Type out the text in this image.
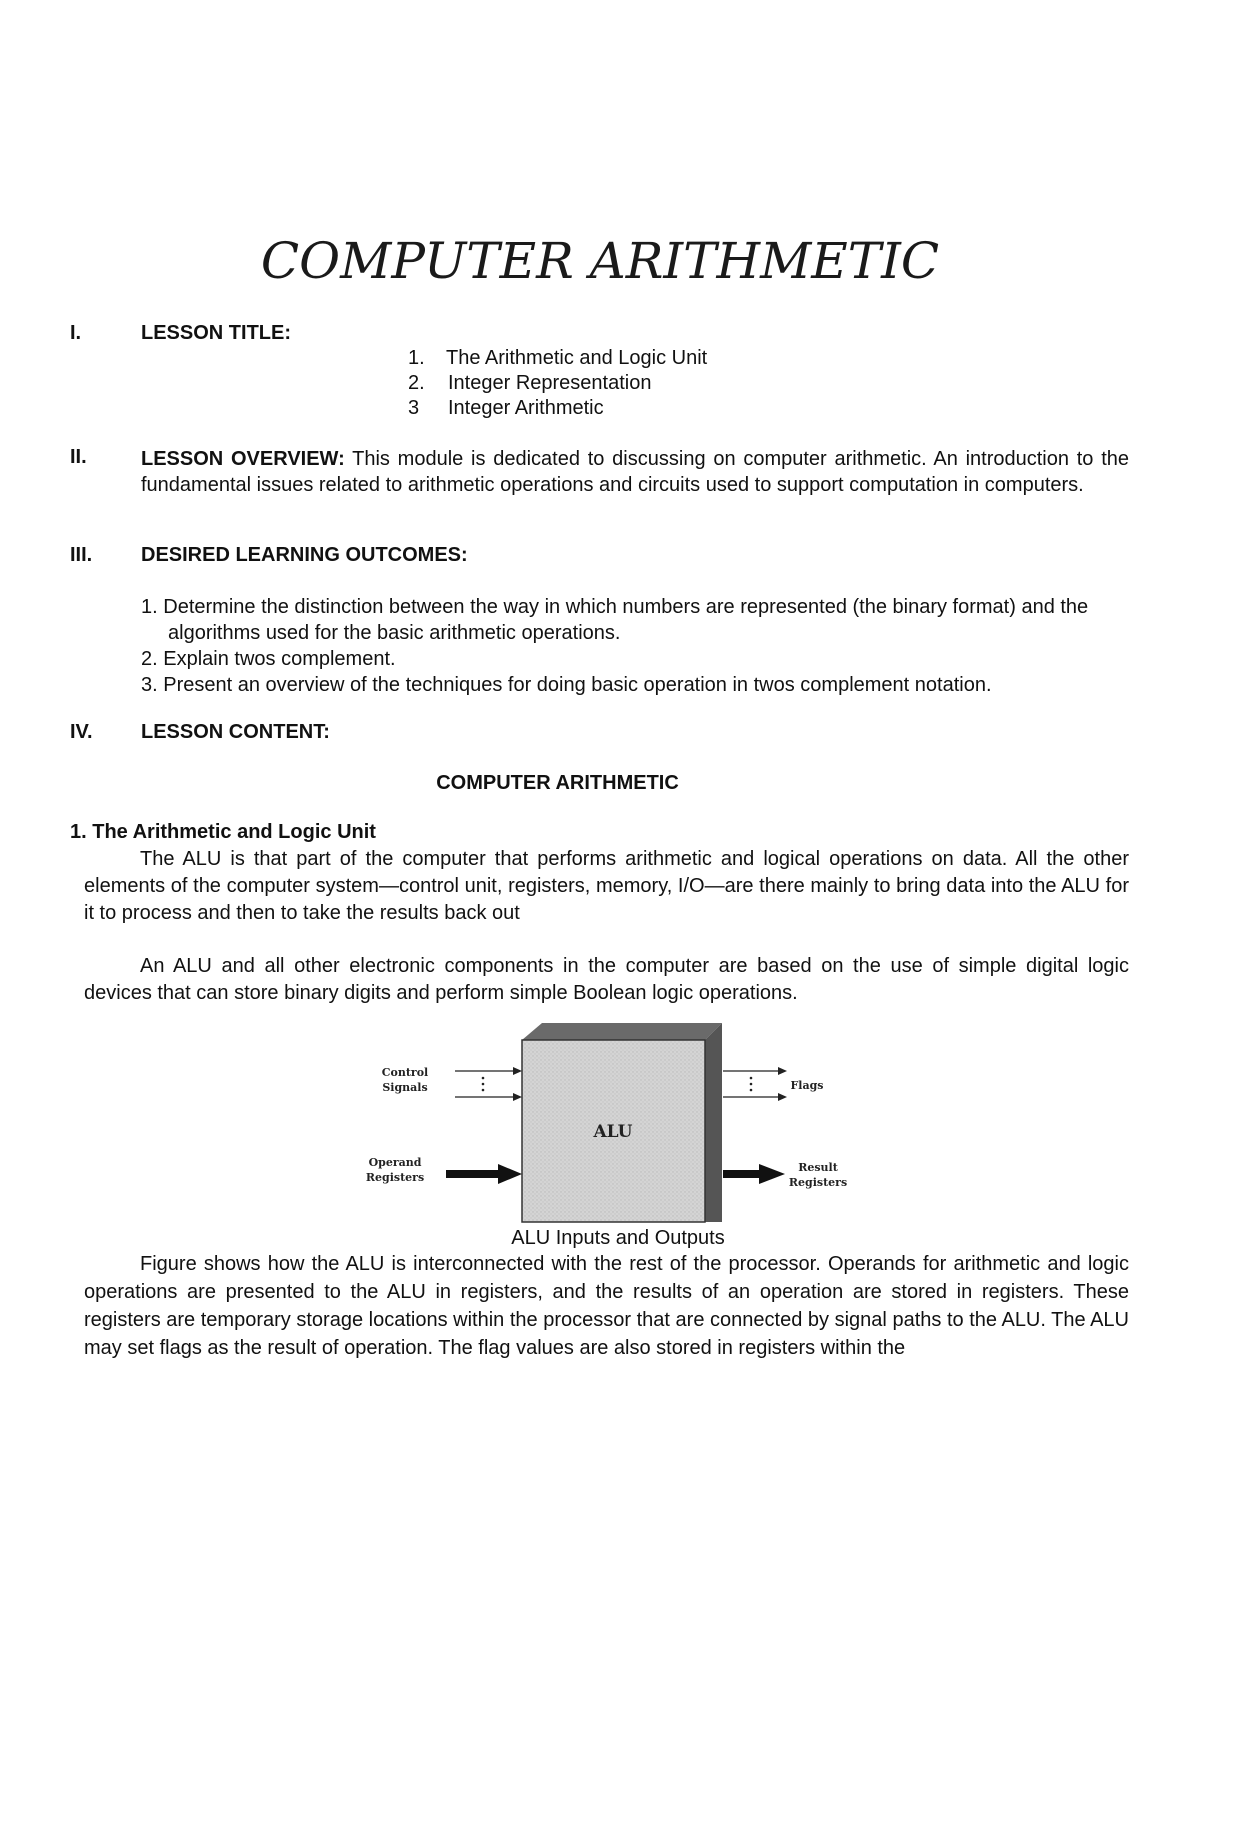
COMPUTER ARITHMETIC
I.	LESSON TITLE:
1. The Arithmetic and Logic Unit
2. Integer Representation
3 Integer Arithmetic
II.	LESSON OVERVIEW: This module is dedicated to discussing on computer arithmetic. An introduction to the fundamental issues related to arithmetic operations and circuits used to support computation in computers.
III. DESIRED LEARNING OUTCOMES:
1. Determine the distinction between the way in which numbers are represented (the binary format) and the algorithms used for the basic arithmetic operations.
2. Explain twos complement.
3. Present an overview of the techniques for doing basic operation in twos complement notation.
IV. LESSON CONTENT:
COMPUTER ARITHMETIC
1. The Arithmetic and Logic Unit
The ALU is that part of the computer that performs arithmetic and logical operations on data. All the other elements of the computer system—control unit, registers, memory, I/O—are there mainly to bring data into the ALU for it to process and then to take the results back out
An ALU and all other electronic components in the computer are based on the use of simple digital logic devices that can store binary digits and perform simple Boolean logic operations.
ALU
Control
Signals
Operand
Registers
Flags
Result
Registers
ALU Inputs and Outputs
Figure shows how the ALU is interconnected with the rest of the processor. Operands for arithmetic and logic operations are presented to the ALU in registers, and the results of an operation are stored in registers. These registers are temporary storage locations within the processor that are connected by signal paths to the ALU. The ALU may set flags as the result of operation. The flag values are also stored in registers within the
